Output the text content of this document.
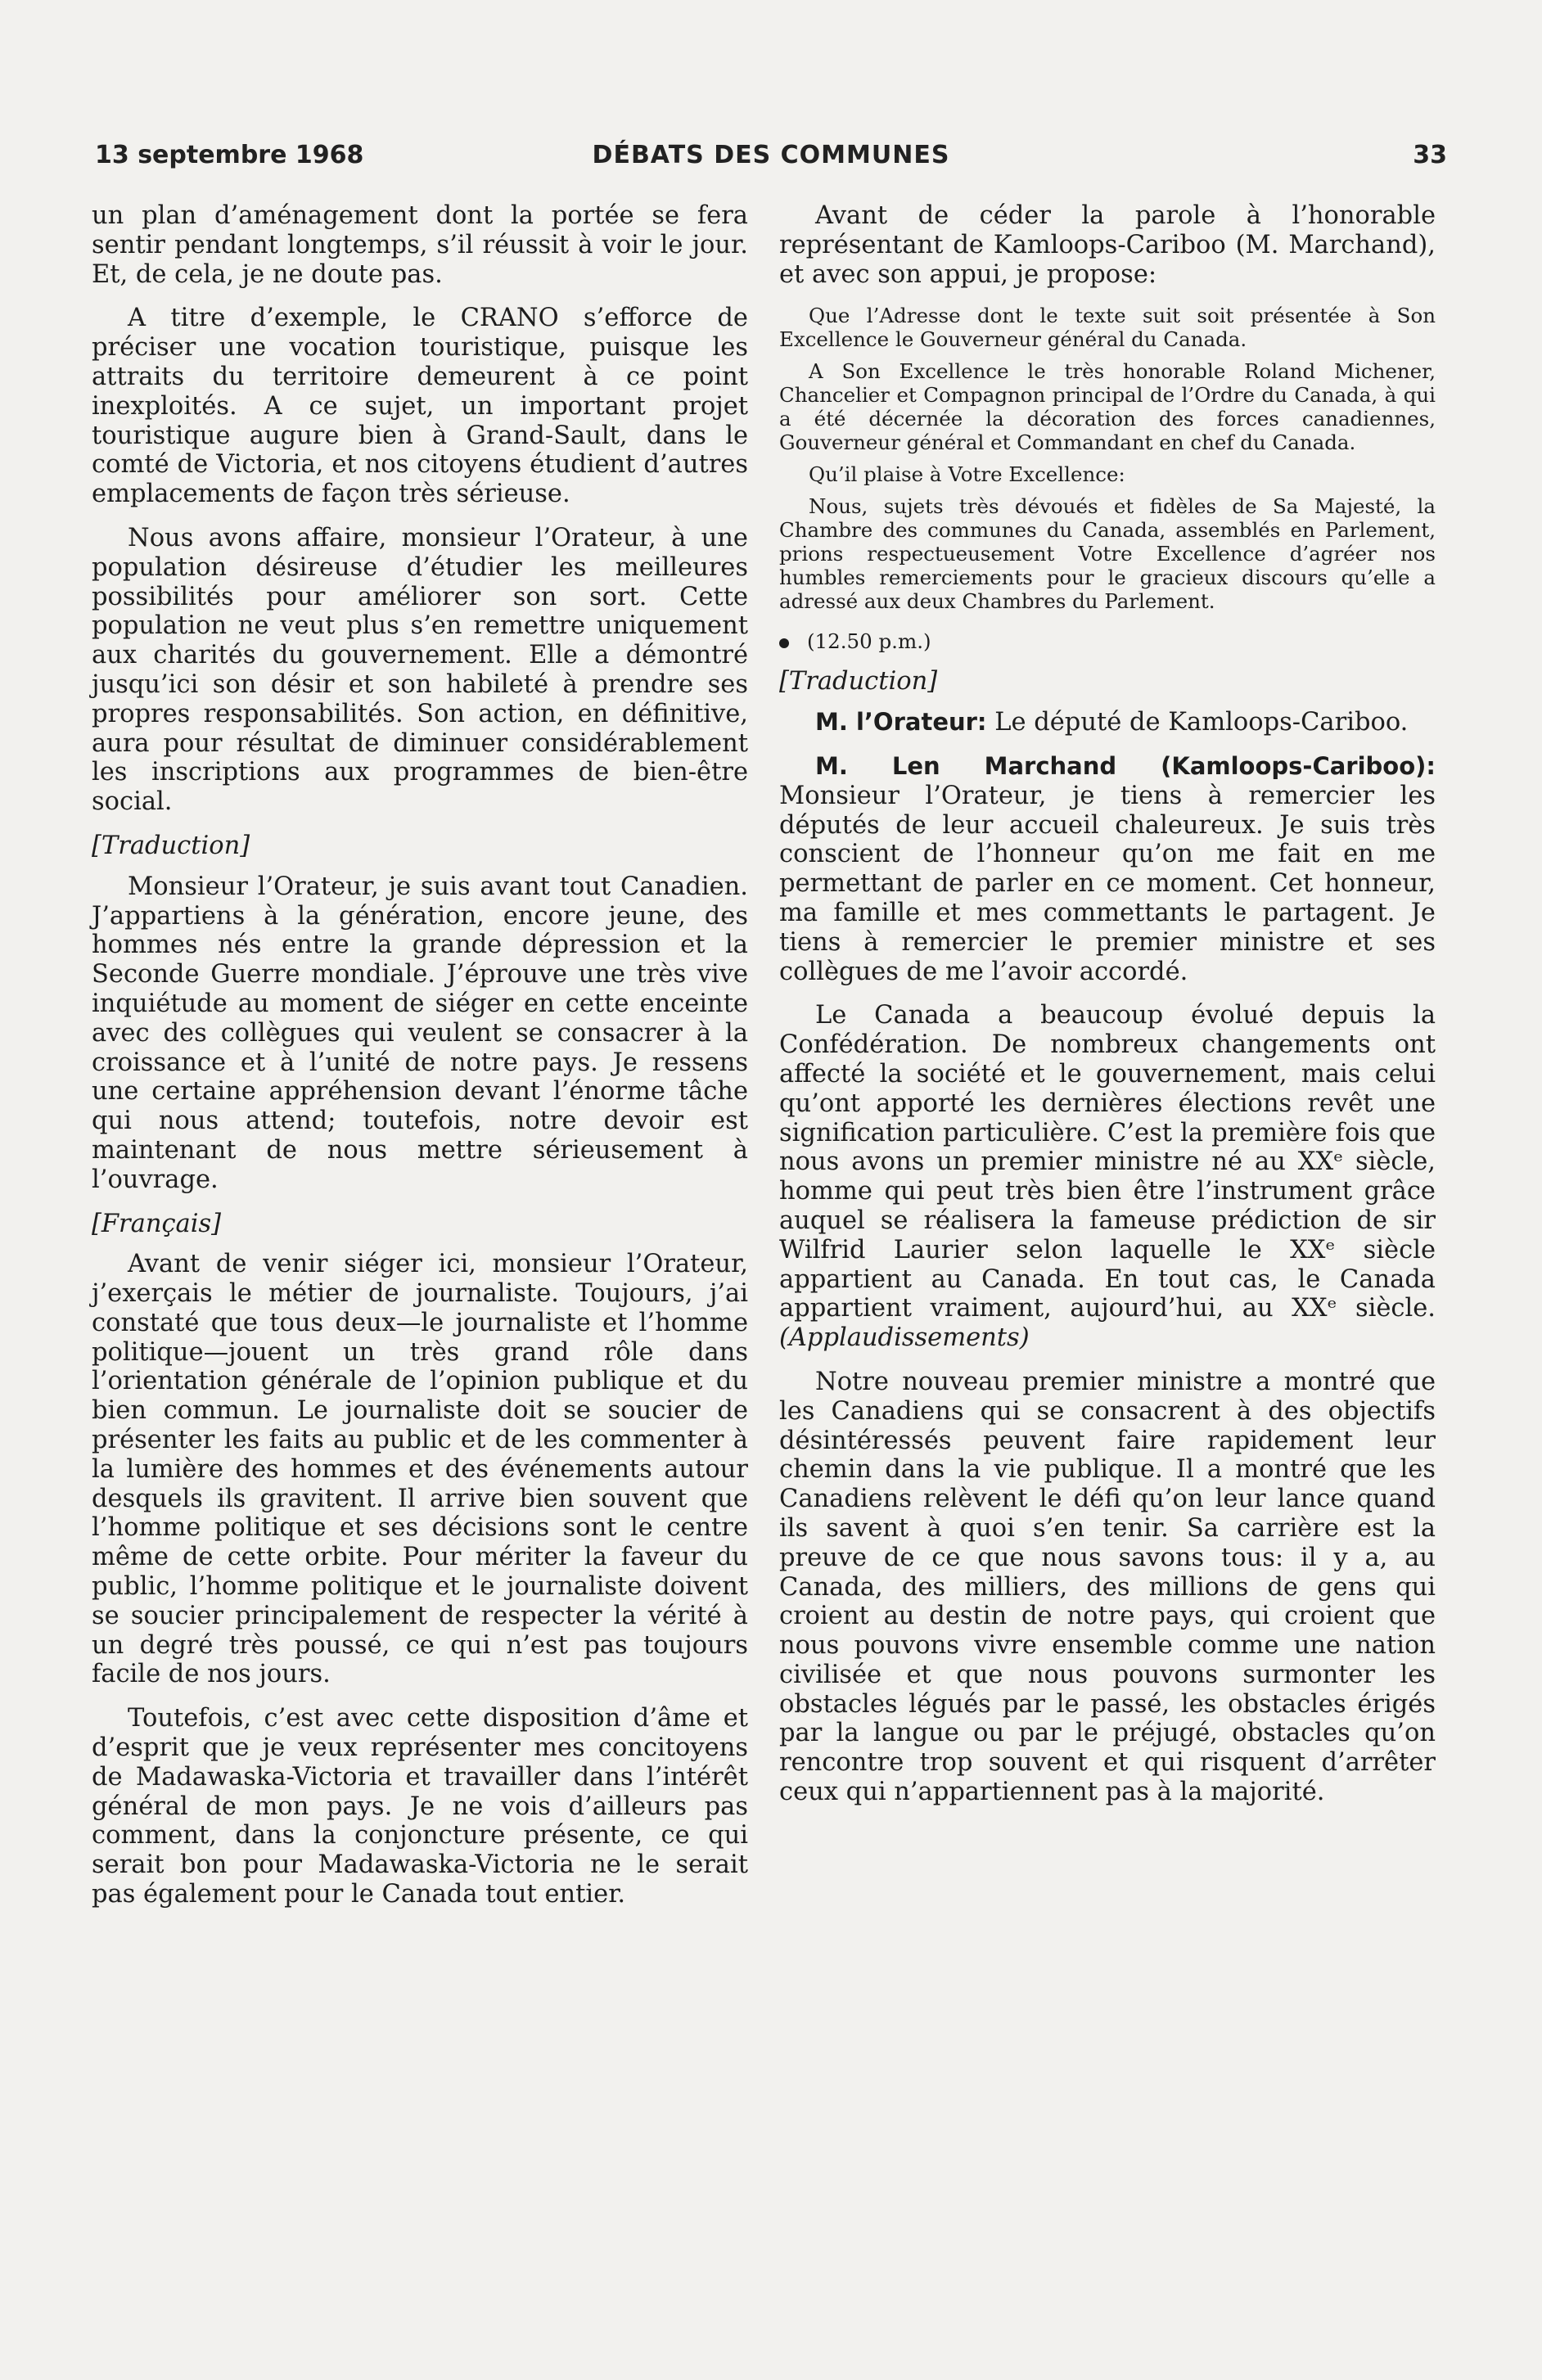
13 septembre 1968	DÉBATS DES COMMUNES	33

un plan d’aménagement dont la portée se fera sentir pendant longtemps, s’il réussit à voir le jour. Et, de cela, je ne doute pas.

A titre d’exemple, le CRANO s’efforce de préciser une vocation touristique, puisque les attraits du territoire demeurent à ce point inexploités. A ce sujet, un important projet touristique augure bien à Grand-Sault, dans le comté de Victoria, et nos citoyens étudient d’autres emplacements de façon très sérieuse.

Nous avons affaire, monsieur l’Orateur, à une population désireuse d’étudier les meilleures possibilités pour améliorer son sort. Cette population ne veut plus s’en remettre uniquement aux charités du gouvernement. Elle a démontré jusqu’ici son désir et son habileté à prendre ses propres responsabilités. Son action, en définitive, aura pour résultat de diminuer considérablement les inscriptions aux programmes de bien-être social.

[Traduction]

Monsieur l’Orateur, je suis avant tout Canadien. J’appartiens à la génération, encore jeune, des hommes nés entre la grande dépression et la Seconde Guerre mondiale. J’éprouve une très vive inquiétude au moment de siéger en cette enceinte avec des collègues qui veulent se consacrer à la croissance et à l’unité de notre pays. Je ressens une certaine appréhension devant l’énorme tâche qui nous attend; toutefois, notre devoir est maintenant de nous mettre sérieusement à l’ouvrage.

[Français]

Avant de venir siéger ici, monsieur l’Orateur, j’exerçais le métier de journaliste. Toujours, j’ai constaté que tous deux—le journaliste et l’homme politique—jouent un très grand rôle dans l’orientation générale de l’opinion publique et du bien commun. Le journaliste doit se soucier de présenter les faits au public et de les commenter à la lumière des hommes et des événements autour desquels ils gravitent. Il arrive bien souvent que l’homme politique et ses décisions sont le centre même de cette orbite. Pour mériter la faveur du public, l’homme politique et le journaliste doivent se soucier principalement de respecter la vérité à un degré très poussé, ce qui n’est pas toujours facile de nos jours.

Toutefois, c’est avec cette disposition d’âme et d’esprit que je veux représenter mes concitoyens de Madawaska-Victoria et travailler dans l’intérêt général de mon pays. Je ne vois d’ailleurs pas comment, dans la conjoncture présente, ce qui serait bon pour Madawaska-Victoria ne le serait pas également pour le Canada tout entier.

Avant de céder la parole à l’honorable représentant de Kamloops-Cariboo (M. Marchand), et avec son appui, je propose:

Que l’Adresse dont le texte suit soit présentée à Son Excellence le Gouverneur général du Canada.

A Son Excellence le très honorable Roland Michener, Chancelier et Compagnon principal de l’Ordre du Canada, à qui a été décernée la décoration des forces canadiennes, Gouverneur général et Commandant en chef du Canada.

Qu’il plaise à Votre Excellence:

Nous, sujets très dévoués et fidèles de Sa Majesté, la Chambre des communes du Canada, assemblés en Parlement, prions respectueusement Votre Excellence d’agréer nos humbles remerciements pour le gracieux discours qu’elle a adressé aux deux Chambres du Parlement.

(12.50 p.m.)

[Traduction]

M. l’Orateur: Le député de Kamloops-Cariboo.

M. Len Marchand (Kamloops-Cariboo): Monsieur l’Orateur, je tiens à remercier les députés de leur accueil chaleureux. Je suis très conscient de l’honneur qu’on me fait en me permettant de parler en ce moment. Cet honneur, ma famille et mes commettants le partagent. Je tiens à remercier le premier ministre et ses collègues de me l’avoir accordé.

Le Canada a beaucoup évolué depuis la Confédération. De nombreux changements ont affecté la société et le gouvernement, mais celui qu’ont apporté les dernières élections revêt une signification particulière. C’est la première fois que nous avons un premier ministre né au XXᵉ siècle, homme qui peut très bien être l’instrument grâce auquel se réalisera la fameuse prédiction de sir Wilfrid Laurier selon laquelle le XXᵉ siècle appartient au Canada. En tout cas, le Canada appartient vraiment, aujourd’hui, au XXᵉ siècle. (Applaudissements)

Notre nouveau premier ministre a montré que les Canadiens qui se consacrent à des objectifs désintéressés peuvent faire rapidement leur chemin dans la vie publique. Il a montré que les Canadiens relèvent le défi qu’on leur lance quand ils savent à quoi s’en tenir. Sa carrière est la preuve de ce que nous savons tous: il y a, au Canada, des milliers, des millions de gens qui croient au destin de notre pays, qui croient que nous pouvons vivre ensemble comme une nation civilisée et que nous pouvons surmonter les obstacles légués par le passé, les obstacles érigés par la langue ou par le préjugé, obstacles qu’on rencontre trop souvent et qui risquent d’arrêter ceux qui n’appartiennent pas à la majorité.
